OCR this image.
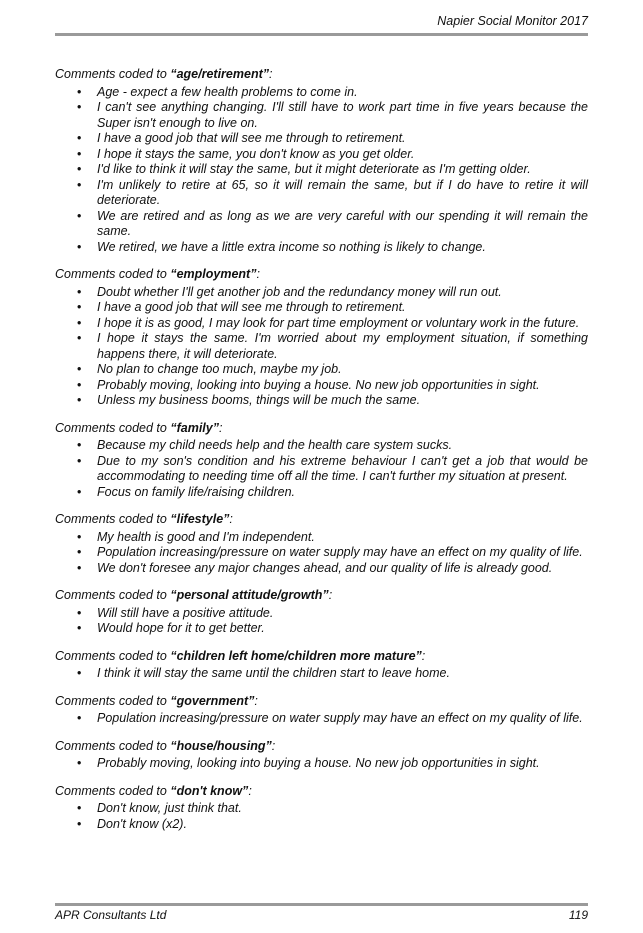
Napier Social Monitor 2017
Comments coded to “age/retirement”:
• Age - expect a few health problems to come in.
• I can't see anything changing. I'll still have to work part time in five years because the Super isn't enough to live on.
• I have a good job that will see me through to retirement.
• I hope it stays the same, you don't know as you get older.
• I'd like to think it will stay the same, but it might deteriorate as I'm getting older.
• I'm unlikely to retire at 65, so it will remain the same, but if I do have to retire it will deteriorate.
• We are retired and as long as we are very careful with our spending it will remain the same.
• We retired, we have a little extra income so nothing is likely to change.
Comments coded to “employment”:
• Doubt whether I'll get another job and the redundancy money will run out.
• I have a good job that will see me through to retirement.
• I hope it is as good, I may look for part time employment or voluntary work in the future.
• I hope it stays the same. I'm worried about my employment situation, if something happens there, it will deteriorate.
• No plan to change too much, maybe my job.
• Probably moving, looking into buying a house. No new job opportunities in sight.
• Unless my business booms, things will be much the same.
Comments coded to “family”:
• Because my child needs help and the health care system sucks.
• Due to my son's condition and his extreme behaviour I can't get a job that would be accommodating to needing time off all the time. I can't further my situation at present.
• Focus on family life/raising children.
Comments coded to “lifestyle”:
• My health is good and I'm independent.
• Population increasing/pressure on water supply may have an effect on my quality of life.
• We don't foresee any major changes ahead, and our quality of life is already good.
Comments coded to “personal attitude/growth”:
• Will still have a positive attitude.
• Would hope for it to get better.
Comments coded to “children left home/children more mature”:
• I think it will stay the same until the children start to leave home.
Comments coded to “government”:
• Population increasing/pressure on water supply may have an effect on my quality of life.
Comments coded to “house/housing”:
• Probably moving, looking into buying a house. No new job opportunities in sight.
Comments coded to “don't know”:
• Don't know, just think that.
• Don't know (x2).
APR Consultants Ltd	119
